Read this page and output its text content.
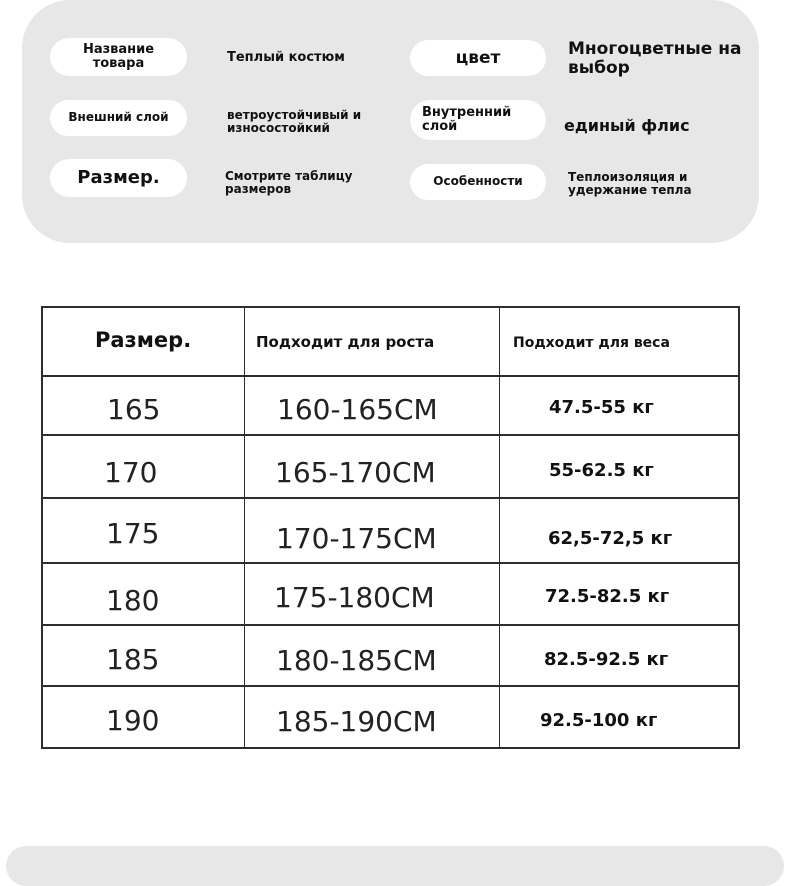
Название товара	Теплый костюм	цвет	Многоцветные на выбор
Внешний слой	ветроустойчивый и износостойкий
Внутренний слой	единый флис
Размер.	Смотрите таблицу размеров
Особенности	Теплоизоляция и удержание тепла
Размер.	Подходит для роста	Подходит для веса
165	160-165CM	47.5-55 кг
170	165-170CM	55-62.5 кг
175	170-175CM	62,5-72,5 кг
180	175-180CM	72.5-82.5 кг
185	180-185CM	82.5-92.5 кг
190	185-190CM	92.5-100 кг
